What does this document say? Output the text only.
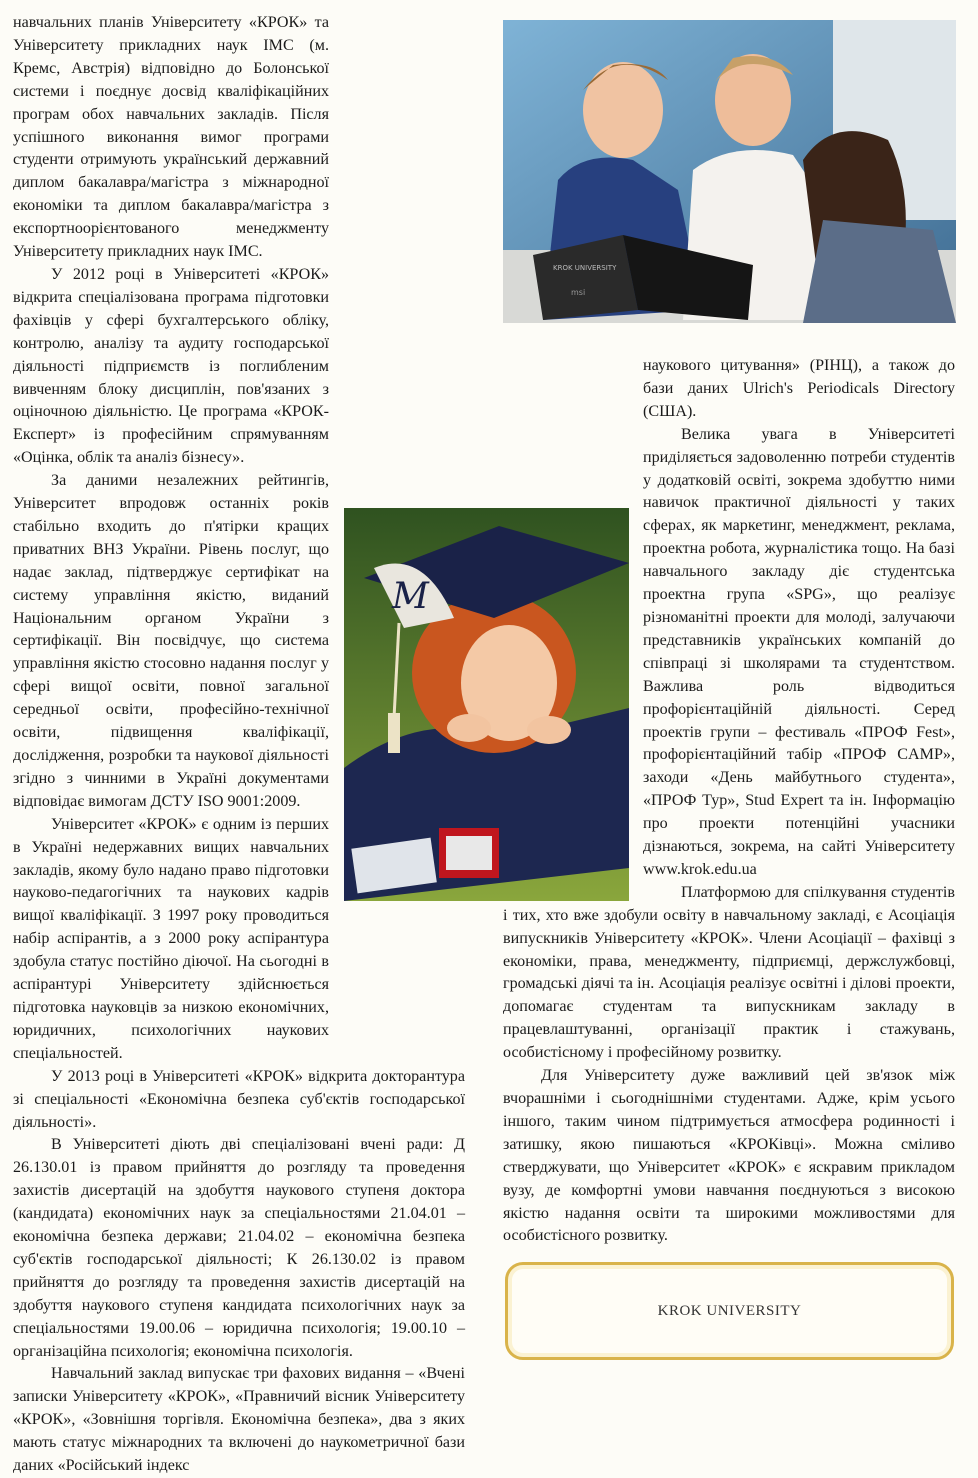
KROK UNIVERSITY
msi
M

навчальних планів Університету «КРОК» та Університету прикладних наук IMC (м. Кремс, Австрія) відповідно до Болонської системи і поєднує досвід кваліфікаційних програм обох навчальних закладів. Після успішного виконання вимог програми студенти отримують український державний диплом бакалавра/магістра з міжнародної економіки та диплом бакалавра/магістра з експортноорієнтованого менеджменту Університету прикладних наук IMC.

У 2012 році в Університеті «КРОК» відкрита спеціалізована програма підготовки фахівців у сфері бухгалтерського обліку, контролю, аналізу та аудиту господарської діяльності підприємств із поглибленим вивченням блоку дисциплін, пов'язаних з оціночною діяльністю. Це програма «КРОК-Експерт» із професійним спрямуванням «Оцінка, облік та аналіз бізнесу».

За даними незалежних рейтингів, Університет впродовж останніх років стабільно входить до п'ятірки кращих приватних ВНЗ України. Рівень послуг, що надає заклад, підтверджує сертифікат на систему управління якістю, виданий Національним органом України з сертифікації. Він посвідчує, що система управління якістю стосовно надання послуг у сфері вищої освіти, повної загальної середньої освіти, професійно-технічної освіти, підвищення кваліфікації, дослідження, розробки та наукової діяльності згідно з чинними в Україні документами відповідає вимогам ДСТУ ISO 9001:2009.

Університет «КРОК» є одним із перших в Україні недержавних вищих навчальних закладів, якому було надано право підготовки науково-педагогічних та наукових кадрів вищої кваліфікації. З 1997 року проводиться набір аспірантів, а з 2000 року аспірантура здобула статус постійно діючої. На сьогодні в аспірантурі Університету здійснюється підготовка науковців за низкою економічних, юридичних, психологічних наукових спеціальностей.

У 2013 році в Університеті «КРОК» відкрита докторантура зі спеціальності «Економічна безпека суб'єктів господарської діяльності».

В Університеті діють дві спеціалізовані вчені ради: Д 26.130.01 із правом прийняття до розгляду та проведення захистів дисертацій на здобуття наукового ступеня доктора (кандидата) економічних наук за спеціальностями 21.04.01 – економічна безпека держави; 21.04.02 – економічна безпека суб'єктів господарської діяльності; К 26.130.02 із правом прийняття до розгляду та проведення захистів дисертацій на здобуття наукового ступеня кандидата психологічних наук за спеціальностями 19.00.06 – юридична психологія; 19.00.10 – організаційна психологія; економічна психологія.

Навчальний заклад випускає три фахових видання – «Вчені записки Університету «КРОК», «Правничий вісник Університету «КРОК», «Зовнішня торгівля. Економічна безпека», два з яких мають статус міжнародних та включені до наукометричної бази даних «Російський індекс

наукового цитування» (РІНЦ), а також до бази даних Ulrich's Periodicals Directory (США).

Велика увага в Університеті приділяється задоволенню потреби студентів у додатковій освіті, зокрема здобуттю ними навичок практичної діяльності у таких сферах, як маркетинг, менеджмент, реклама, проектна робота, журналістика тощо. На базі навчального закладу діє студентська проектна група «SPG», що реалізує різноманітні проекти для молоді, залучаючи представників українських компаній до співпраці зі школярами та студентством. Важлива роль відводиться профорієнтаційній діяльності. Серед проектів групи – фестиваль «ПРОФ Fest», профорієнтаційний табір «ПРОФ CAMP», заходи «День майбутнього студента», «ПРОФ Тур», Stud Expert та ін. Інформацію про проекти потенційні учасники дізнаються, зокрема, на сайті Університету www.krok.edu.ua

Платформою для спілкування студентів і тих, хто вже здобули освіту в навчальному закладі, є Асоціація випускників Університету «КРОК». Члени Асоціації – фахівці з економіки, права, менеджменту, підприємці, держслужбовці, громадські діячі та ін. Асоціація реалізує освітні і ділові проекти, допомагає студентам та випускникам закладу в працевлаштуванні, організації практик і стажувань, особистісному і професійному розвитку.

Для Університету дуже важливий цей зв'язок між вчорашніми і сьогоднішніми студентами. Адже, крім усього іншого, таким чином підтримується атмосфера родинності і затишку, якою пишаються «КРОКівці». Можна сміливо стверджувати, що Університет «КРОК» є яскравим прикладом вузу, де комфортні умови навчання поєднуються з високою якістю надання освіти та широкими можливостями для особистісного розвитку.

KROK UNIVERSITY
